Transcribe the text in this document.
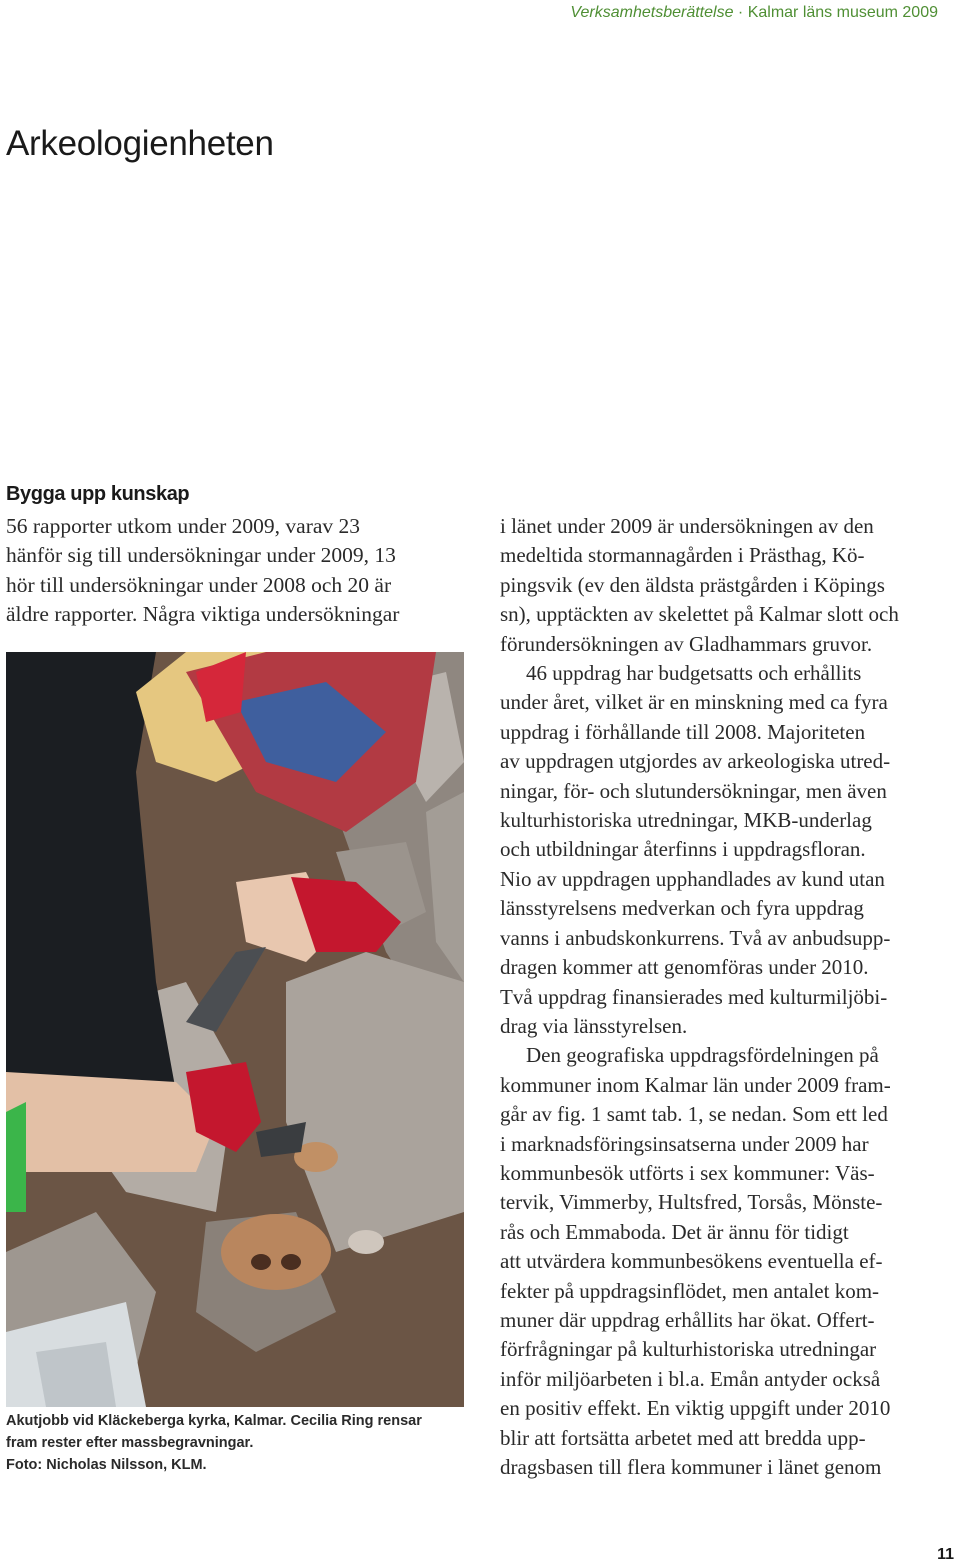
Verksamhetsberättelse · Kalmar läns museum 2009
Arkeologienheten
Bygga upp kunskap
56 rapporter utkom under 2009, varav 23
hänför sig till undersökningar under 2009, 13
hör till undersökningar under 2008 och 20 är
äldre rapporter. Några viktiga undersökningar
Akutjobb vid Kläckeberga kyrka, Kalmar. Cecilia Ring rensar
fram rester efter massbegravningar.
Foto: Nicholas Nilsson, KLM.
i länet under 2009 är undersökningen av den
medeltida stormannagården i Prästhag, Kö-
pingsvik (ev den äldsta prästgården i Köpings
sn), upptäckten av skelettet på Kalmar slott och
förundersökningen av Gladhammars gruvor.
46 uppdrag har budgetsatts och erhållits
under året, vilket är en minskning med ca fyra
uppdrag i förhållande till 2008. Majoriteten
av uppdragen utgjordes av arkeologiska utred-
ningar, för- och slutundersökningar, men även
kulturhistoriska utredningar, MKB-underlag
och utbildningar återfinns i uppdragsfloran.
Nio av uppdragen upphandlades av kund utan
länsstyrelsens medverkan och fyra uppdrag
vanns i anbudskonkurrens. Två av anbudsupp-
dragen kommer att genomföras under 2010.
Två uppdrag finansierades med kulturmiljöbi-
drag via länsstyrelsen.
Den geografiska uppdragsfördelningen på
kommuner inom Kalmar län under 2009 fram-
går av fig. 1 samt tab. 1, se nedan. Som ett led
i marknadsföringsinsatserna under 2009 har
kommunbesök utförts i sex kommuner: Väs-
tervik, Vimmerby, Hultsfred, Torsås, Mönste-
rås och Emmaboda. Det är ännu för tidigt
att utvärdera kommunbesökens eventuella ef-
fekter på uppdragsinflödet, men antalet kom-
muner där uppdrag erhållits har ökat. Offert-
förfrågningar på kulturhistoriska utredningar
inför miljöarbeten i bl.a. Emån antyder också
en positiv effekt. En viktig uppgift under 2010
blir att fortsätta arbetet med att bredda upp-
dragsbasen till flera kommuner i länet genom
11
